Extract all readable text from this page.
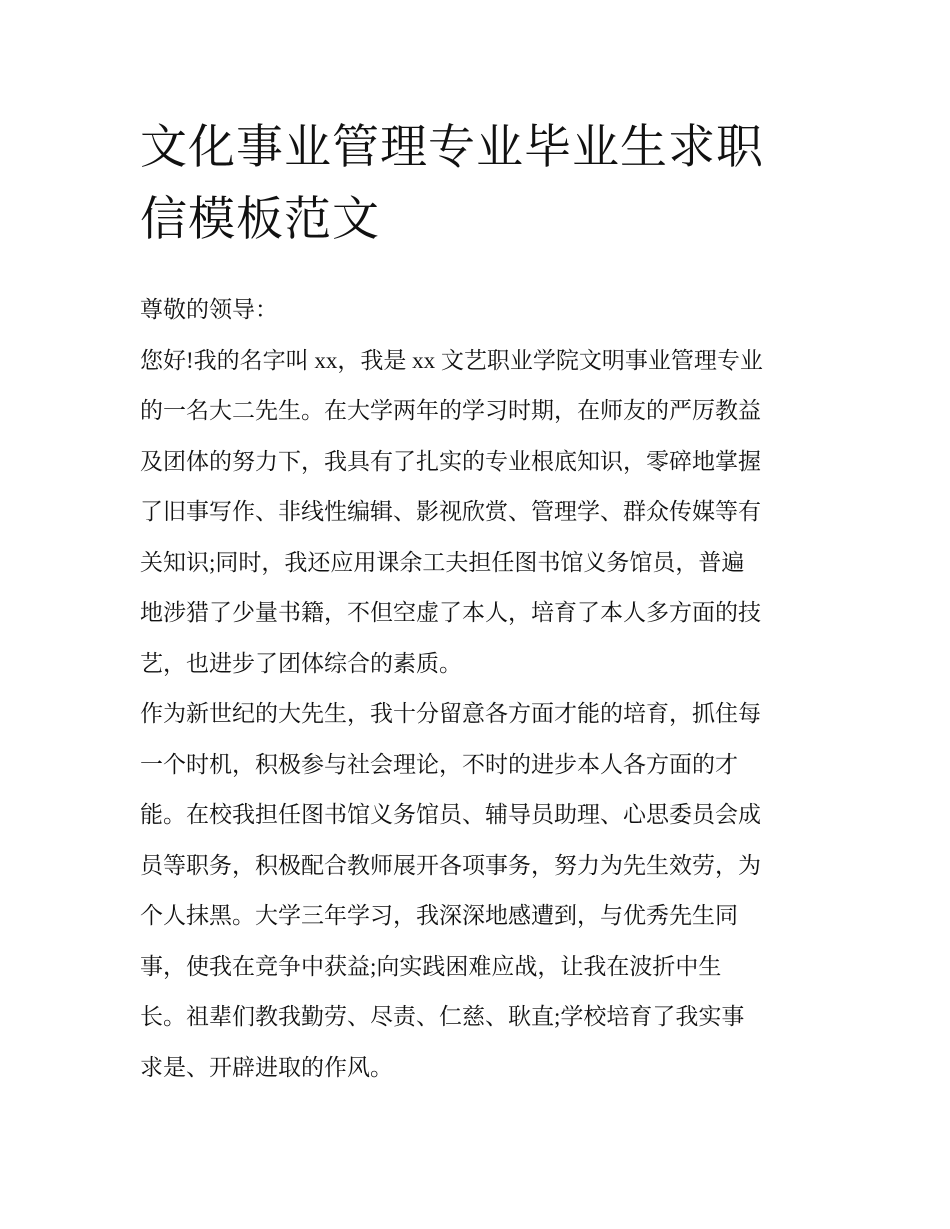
文化事业管理专业毕业生求职
信模板范文
尊敬的领导：
您好!我的名字叫 xx，我是 xx 文艺职业学院文明事业管理专业
的一名大二先生。在大学两年的学习时期，在师友的严厉教益
及团体的努力下，我具有了扎实的专业根底知识，零碎地掌握
了旧事写作、非线性编辑、影视欣赏、管理学、群众传媒等有
关知识;同时，我还应用课余工夫担任图书馆义务馆员，普遍
地涉猎了少量书籍，不但空虚了本人，培育了本人多方面的技
艺，也进步了团体综合的素质。
作为新世纪的大先生，我十分留意各方面才能的培育，抓住每
一个时机，积极参与社会理论，不时的进步本人各方面的才
能。在校我担任图书馆义务馆员、辅导员助理、心思委员会成
员等职务，积极配合教师展开各项事务，努力为先生效劳，为
个人抹黑。大学三年学习，我深深地感遭到，与优秀先生同
事，使我在竞争中获益;向实践困难应战，让我在波折中生
长。祖辈们教我勤劳、尽责、仁慈、耿直;学校培育了我实事
求是、开辟进取的作风。
